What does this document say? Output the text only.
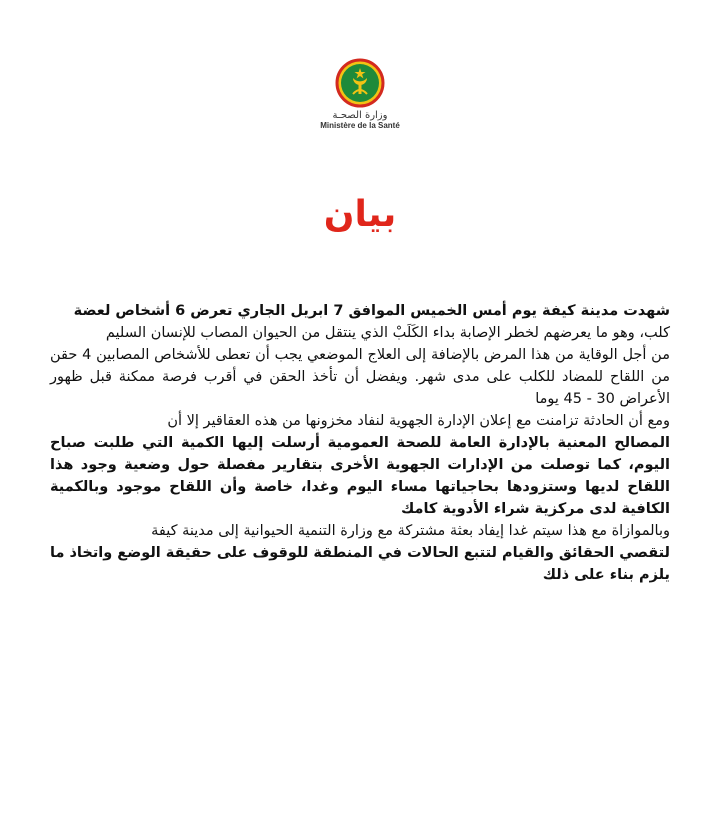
وزارة الصحـة
Ministère de la Santé
بيان

شهدت مدينة كيفة يوم أمس الخميس الموافق 7 ابريل الجاري تعرض 6 أشخاص لعضة

كلب، وهو ما يعرضهم لخطر الإصابة بداء الكَلَبْ الذي ينتقل من الحيوان المصاب للإنسان السليم

من أجل الوقاية من هذا المرض بالإضافة إلى العلاج الموضعي يجب أن تعطى للأشخاص المصابين 4 حقن من اللقاح للمضاد للكلب على مدى شهر. ويفضل أن تأخذ الحقن في أقرب فرصة ممكنة قبل ظهور الأعراض 30 - 45 يوما

ومع أن الحادثة تزامنت مع إعلان الإدارة الجهوية لنفاد مخزونها من هذه العقاقير إلا أن

المصالح المعنية بالإدارة العامة للصحة العمومية أرسلت إليها الكمية التي طلبت صباح اليوم، كما توصلت من الإدارات الجهوية الأخرى بتقارير مفصلة حول وضعية وجود هذا اللقاح لديها وستزودها بحاجياتها مساء اليوم وغدا، خاصة وأن اللقاح موجود وبالكمية الكافية لدى مركزية شراء الأدوية كامك

وبالموازاة مع هذا سيتم غدا إيفاد بعثة مشتركة مع وزارة التنمية الحيوانية إلى مدينة كيفة

لتقصي الحقائق والقيام لتتبع الحالات في المنطقة للوقوف على حقيقة الوضع واتخاذ ما يلزم بناء على ذلك
